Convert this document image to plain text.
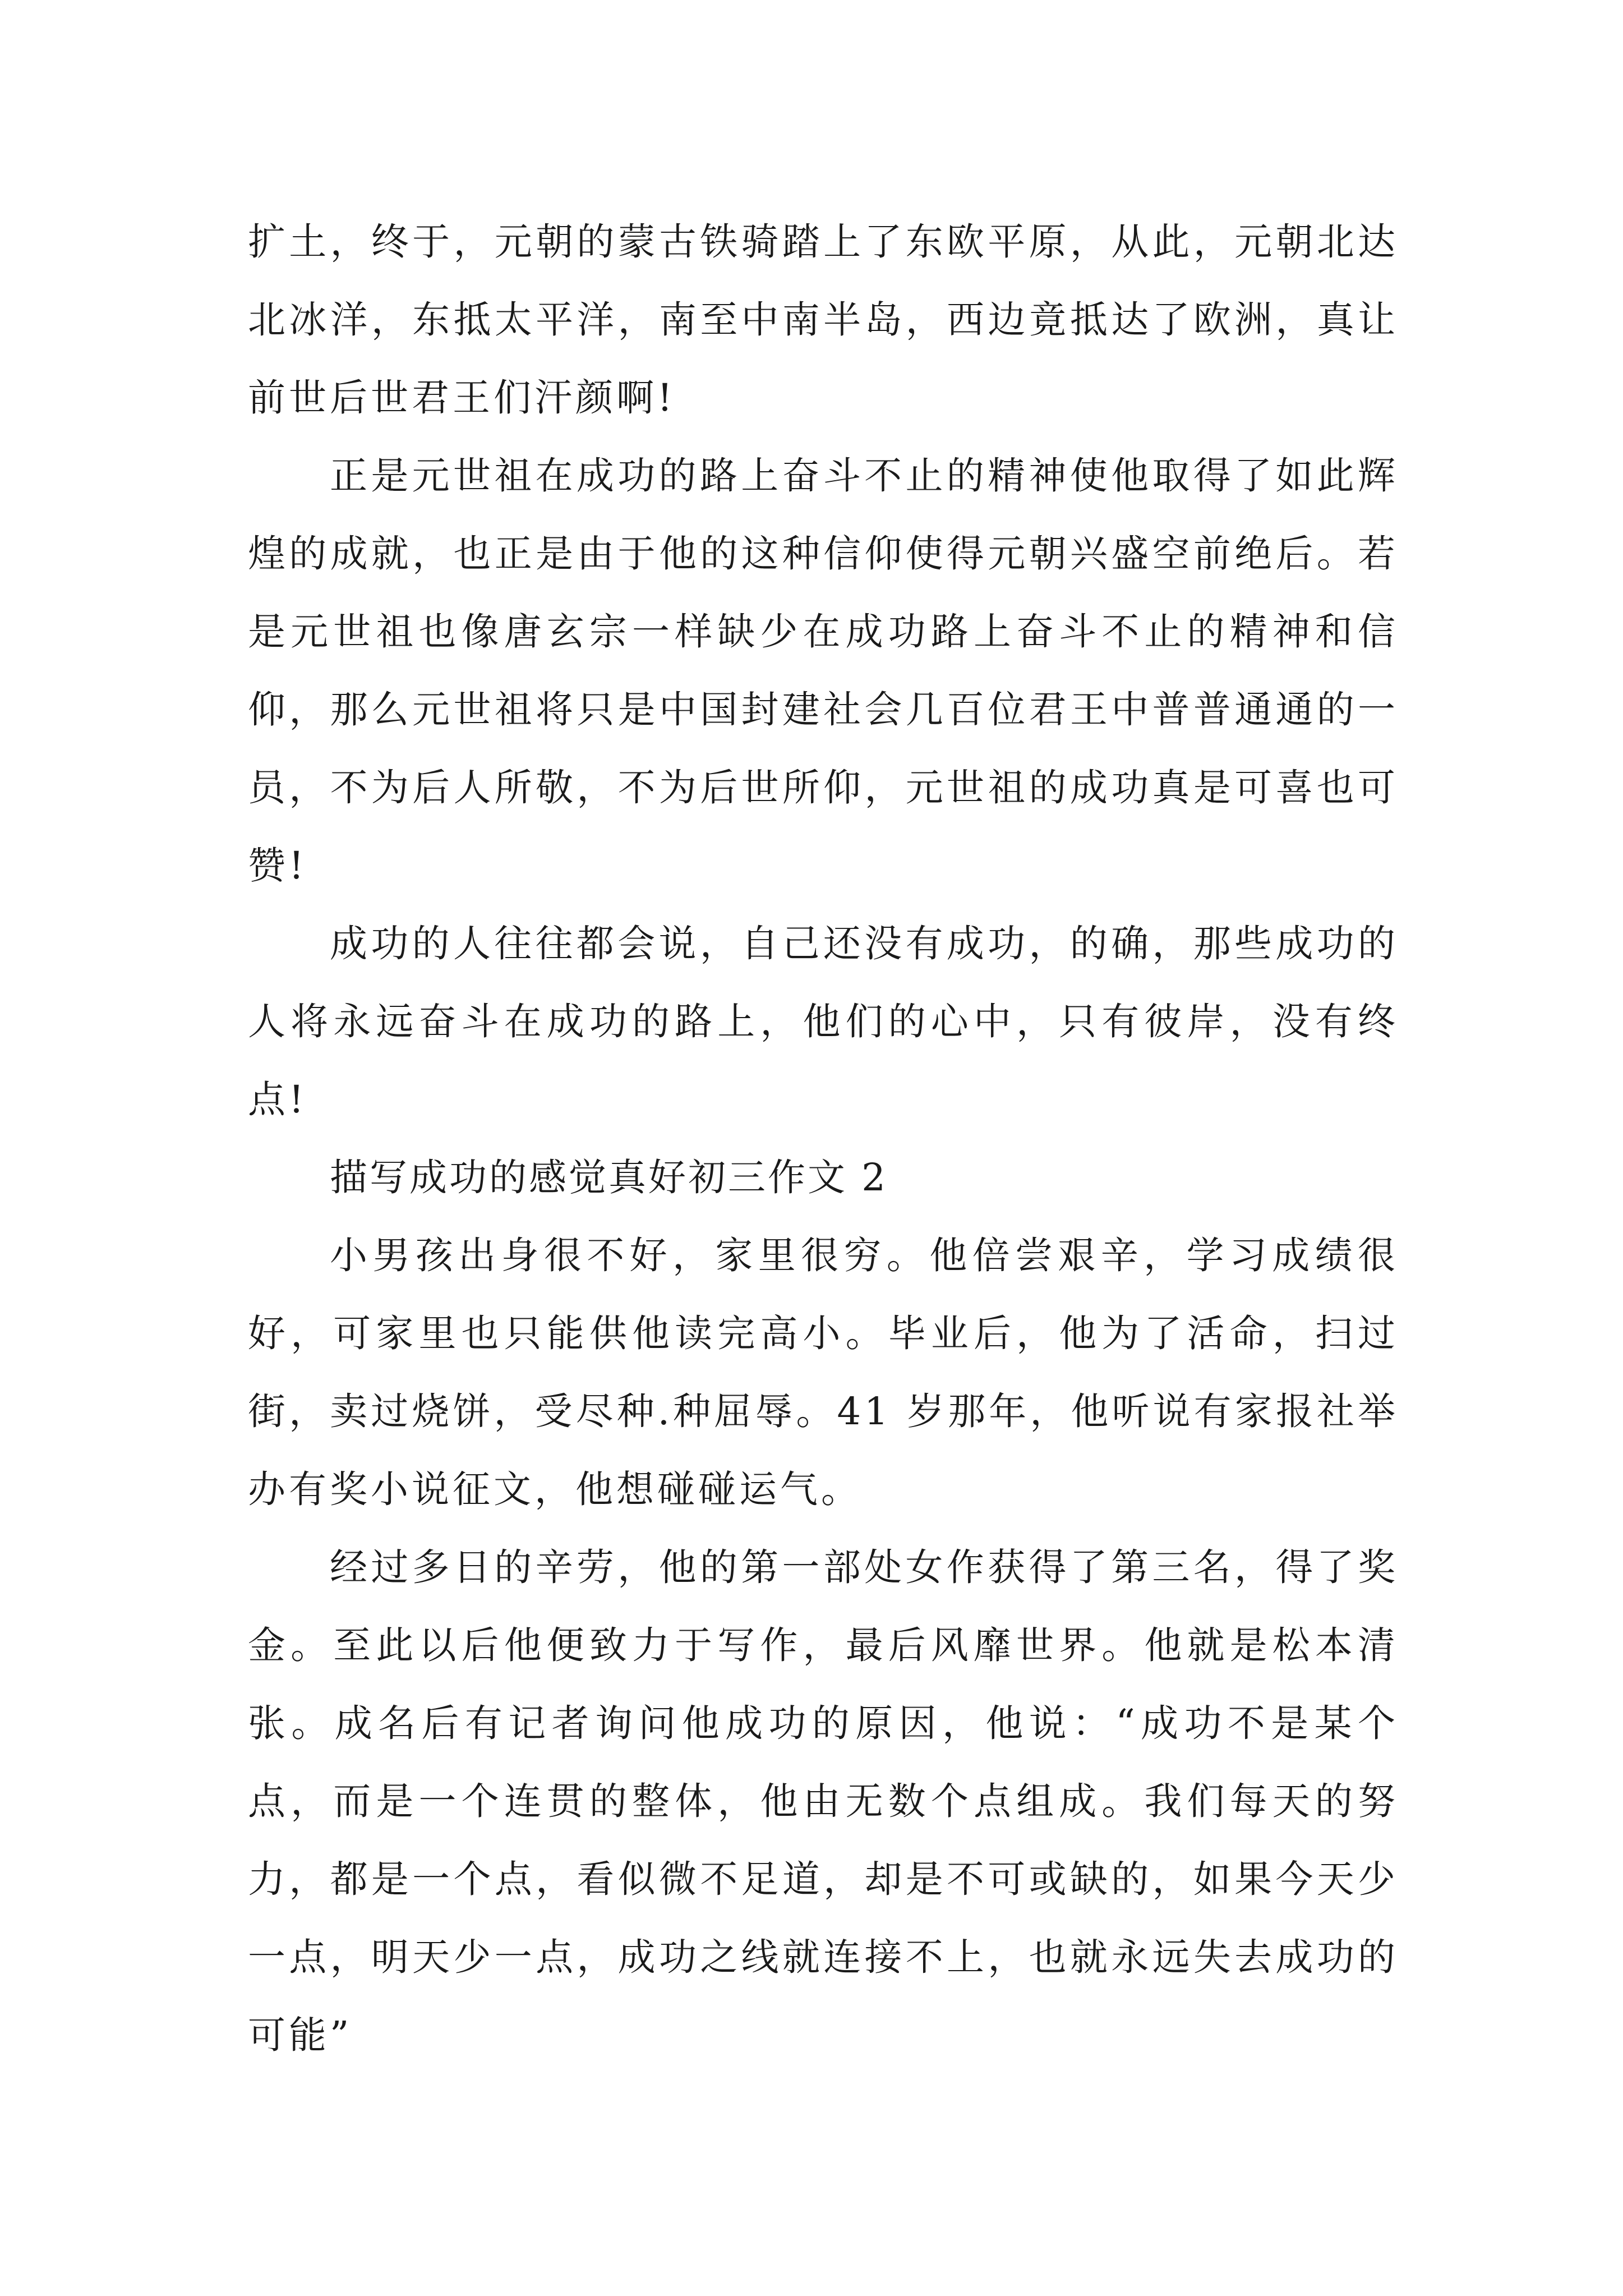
扩土，终于，元朝的蒙古铁骑踏上了东欧平原，从此，元朝北达北冰洋，东抵太平洋，南至中南半岛，西边竟抵达了欧洲，真让前世后世君王们汗颜啊!

正是元世祖在成功的路上奋斗不止的精神使他取得了如此辉煌的成就，也正是由于他的这种信仰使得元朝兴盛空前绝后。若是元世祖也像唐玄宗一样缺少在成功路上奋斗不止的精神和信仰，那么元世祖将只是中国封建社会几百位君王中普普通通的一员，不为后人所敬，不为后世所仰，元世祖的成功真是可喜也可赞!

成功的人往往都会说，自己还没有成功，的确，那些成功的人将永远奋斗在成功的路上，他们的心中，只有彼岸，没有终点!

描写成功的感觉真好初三作文 2

小男孩出身很不好，家里很穷。他倍尝艰辛，学习成绩很好，可家里也只能供他读完高小。毕业后，他为了活命，扫过街，卖过烧饼，受尽种.种屈辱。41 岁那年，他听说有家报社举办有奖小说征文，他想碰碰运气。

经过多日的辛劳，他的第一部处女作获得了第三名，得了奖金。至此以后他便致力于写作，最后风靡世界。他就是松本清张。成名后有记者询问他成功的原因，他说：“成功不是某个点，而是一个连贯的整体，他由无数个点组成。我们每天的努力，都是一个点，看似微不足道，却是不可或缺的，如果今天少一点，明天少一点，成功之线就连接不上，也就永远失去成功的可能”
